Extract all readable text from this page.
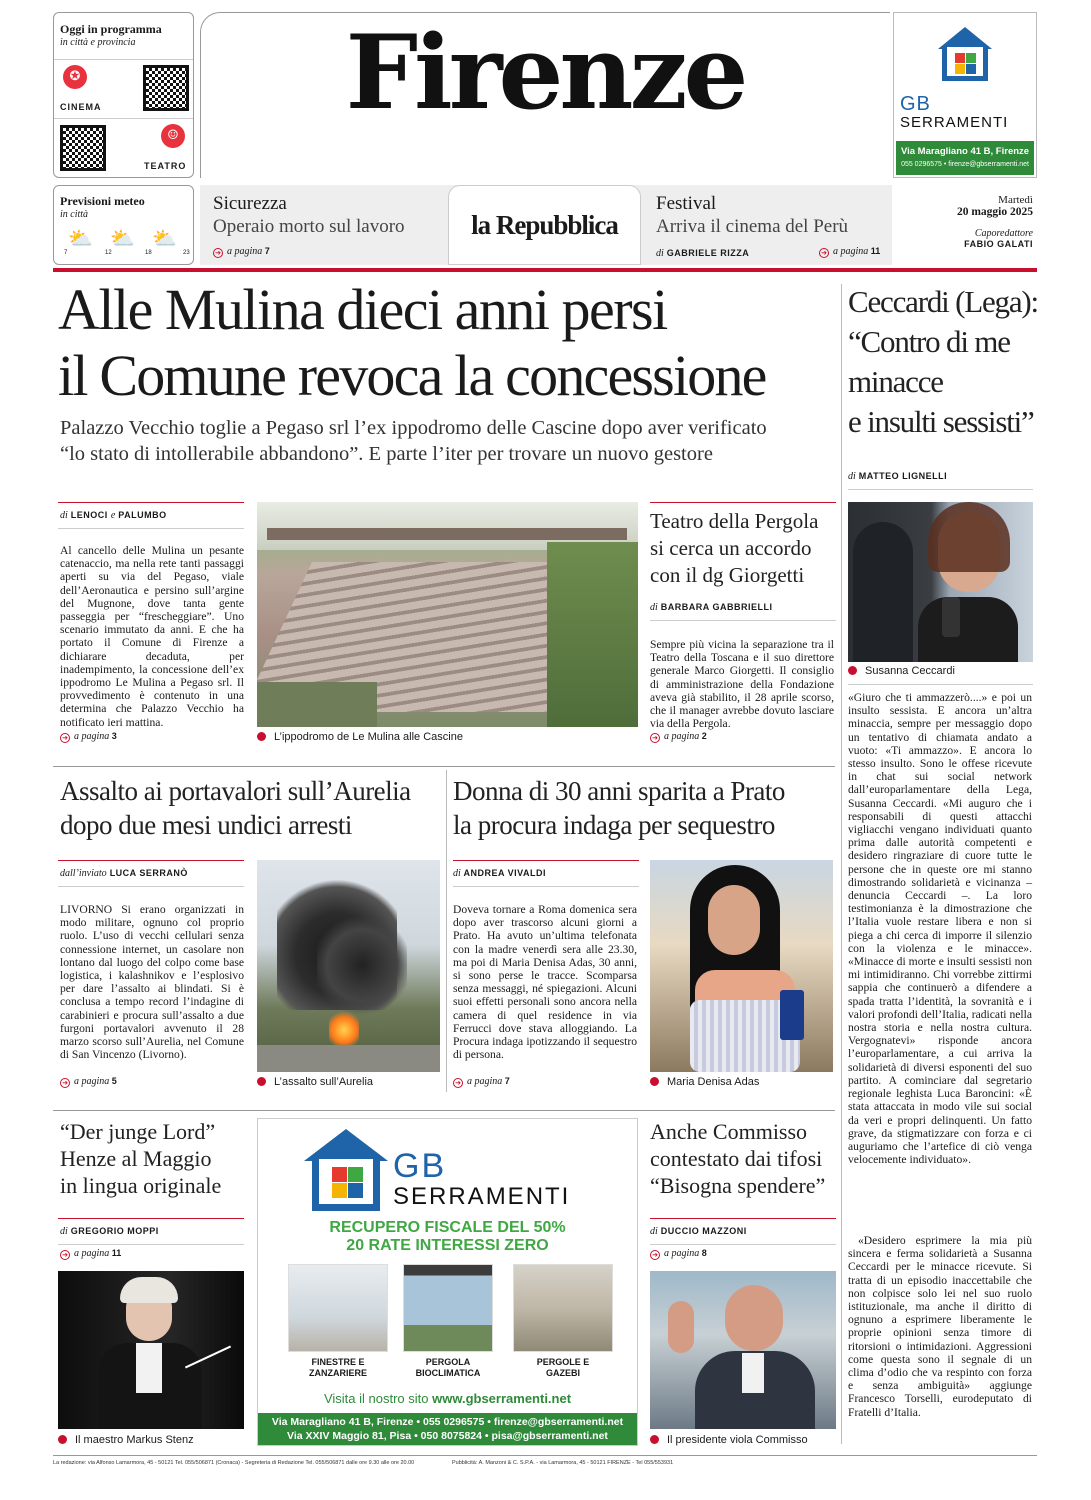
Oggi in programma
in città e provincia
✪
CINEMA
☺
TEATRO
Firenze	GB
SERRAMENTI
Via Maragliano 41 B, Firenze
055 0296575 • firenze@gbserramenti.net
Previsioni meteo
in città
⛅ ⛅ ⛅
7	12	18	23
Sicurezza
Operaio morto sul lavoro
➔ a pagina 7
la Repubblica
Festival
Arriva il cinema del Perù
di GABRIELE RIZZA	➔ a pagina 11
Martedì
20 maggio 2025
Caporedattore
FABIO GALATI
Alle Mulina dieci anni persi
il Comune revoca la concessione
Palazzo Vecchio toglie a Pegaso srl l’ex ippodromo delle Cascine dopo aver verificato
“lo stato di intollerabile abbandono”. E parte l’iter per trovare un nuovo gestore
di LENOCI e PALUMBO
Al cancello delle Mulina un pesante catenaccio, ma nella rete tanti passaggi aperti su via del Pegaso, viale dell’Aeronautica e persino sull’argine del Mugnone, dove tanta gente passeggia per “frescheggiare”. Uno scenario immutato da anni. E che ha portato il Comune di Firenze a dichiarare decaduta, per inadempimento, la concessione dell’ex ippodromo Le Mulina a Pegaso srl. Il provvedimento è contenuto in una determina che Palazzo Vecchio ha notificato ieri mattina.
➔ a pagina 3	L’ippodromo de Le Mulina alle Cascine
Teatro della Pergola
si cerca un accordo
con il dg Giorgetti
di BARBARA GABBRIELLI
Sempre più vicina la separazione tra il Teatro della Toscana e il suo direttore generale Marco Giorgetti. Il consiglio di amministrazione della Fondazione aveva già stabilito, il 28 aprile scorso, che il manager avrebbe dovuto lasciare via della Pergola.
➔ a pagina 2
Ceccardi (Lega):
“Contro di me
minacce
e insulti sessisti”
di MATTEO LIGNELLI
Susanna Ceccardi
«Giuro che ti ammazzerò....» e poi un insulto sessista. E ancora un’altra minaccia, sempre per messaggio dopo un tentativo di chiamata andato a vuoto: «Ti ammazzo». E ancora lo stesso insulto. Sono le offese ricevute in chat sui social network dall’europarlamentare della Lega, Susanna Ceccardi. «Mi auguro che i responsabili di questi attacchi vigliacchi vengano individuati quanto prima dalle autorità competenti e desidero ringraziare di cuore tutte le persone che in queste ore mi stanno dimostrando solidarietà e vicinanza – denuncia Ceccardi –. La loro testimonianza è la dimostrazione che l’Italia vuole restare libera e non si piega a chi cerca di imporre il silenzio con la violenza e le minacce». «Minacce di morte e insulti sessisti non mi intimidiranno. Chi vorrebbe zittirmi sappia che continuerò a difendere a spada tratta l’identità, la sovranità e i valori profondi dell’Italia, radicati nella nostra storia e nella nostra cultura. Vergognatevi» risponde ancora l’europarlamentare, a cui arriva la solidarietà di diversi esponenti del suo partito. A cominciare dal segretario regionale leghista Luca Baroncini: «È stata attaccata in modo vile sui social da veri e propri delinquenti. Un fatto grave, da stigmatizzare con forza e ci auguriamo che l’artefice di ciò venga velocemente individuato».
«Desidero esprimere la mia più sincera e ferma solidarietà a Susanna Ceccardi per le minacce ricevute. Si tratta di un episodio inaccettabile che non colpisce solo lei nel suo ruolo istituzionale, ma anche il diritto di ognuno a esprimere liberamente le proprie opinioni senza timore di ritorsioni o intimidazioni. Aggressioni come questa sono il segnale di un clima d’odio che va respinto con forza e senza ambiguità» aggiunge Francesco Torselli, eurodeputato di Fratelli d’Italia.
Assalto ai portavalori sull’Aurelia
dopo due mesi undici arresti
dall’inviato LUCA SERRANÒ
LIVORNO Si erano organizzati in modo militare, ognuno col proprio ruolo. L’uso di vecchi cellulari senza connessione internet, un casolare non lontano dal luogo del colpo come base logistica, i kalashnikov e l’esplosivo per dare l’assalto ai blindati. Si è conclusa a tempo record l’indagine di carabinieri e procura sull’assalto a due furgoni portavalori avvenuto il 28 marzo scorso sull’Aurelia, nel Comune di San Vincenzo (Livorno).
➔ a pagina 5	L’assalto sull’Aurelia
Donna di 30 anni sparita a Prato
la procura indaga per sequestro
di ANDREA VIVALDI
Doveva tornare a Roma domenica sera dopo aver trascorso alcuni giorni a Prato. Ha avuto un’ultima telefonata con la madre venerdì sera alle 23.30, ma poi di Maria Denisa Adas, 30 anni, si sono perse le tracce. Scomparsa senza messaggi, né spiegazioni. Alcuni suoi effetti personali sono ancora nella camera di quel residence in via Ferrucci dove stava alloggiando. La Procura indaga ipotizzando il sequestro di persona.
➔ a pagina 7	Maria Denisa Adas
“Der junge Lord”
Henze al Maggio
in lingua originale
di GREGORIO MOPPI
➔ a pagina 11
Il maestro Markus Stenz
GB
SERRAMENTI
RECUPERO FISCALE DEL 50%
20 RATE INTERESSI ZERO
FINESTRE E ZANZARIERE
PERGOLA BIOCLIMATICA
PERGOLE E GAZEBI
Visita il nostro sito www.gbserramenti.net
Via Maragliano 41 B, Firenze • 055 0296575 • firenze@gbserramenti.net
Via XXIV Maggio 81, Pisa • 050 8075824 • pisa@gbserramenti.net
Anche Commisso
contestato dai tifosi
“Bisogna spendere”
di DUCCIO MAZZONI
➔ a pagina 8
Il presidente viola Commisso
La redazione: via Alfonso Lamarmora, 45 - 50121 Tel. 055/506871 (Cronaca) - Segreteria di Redazione Tel. 055/506871 dalle ore 9.30 alle ore 20.00	Pubblicità: A. Manzoni & C. S.P.A. - via Lamarmora, 45 - 50121 FIRENZE - Tel 055/553931
